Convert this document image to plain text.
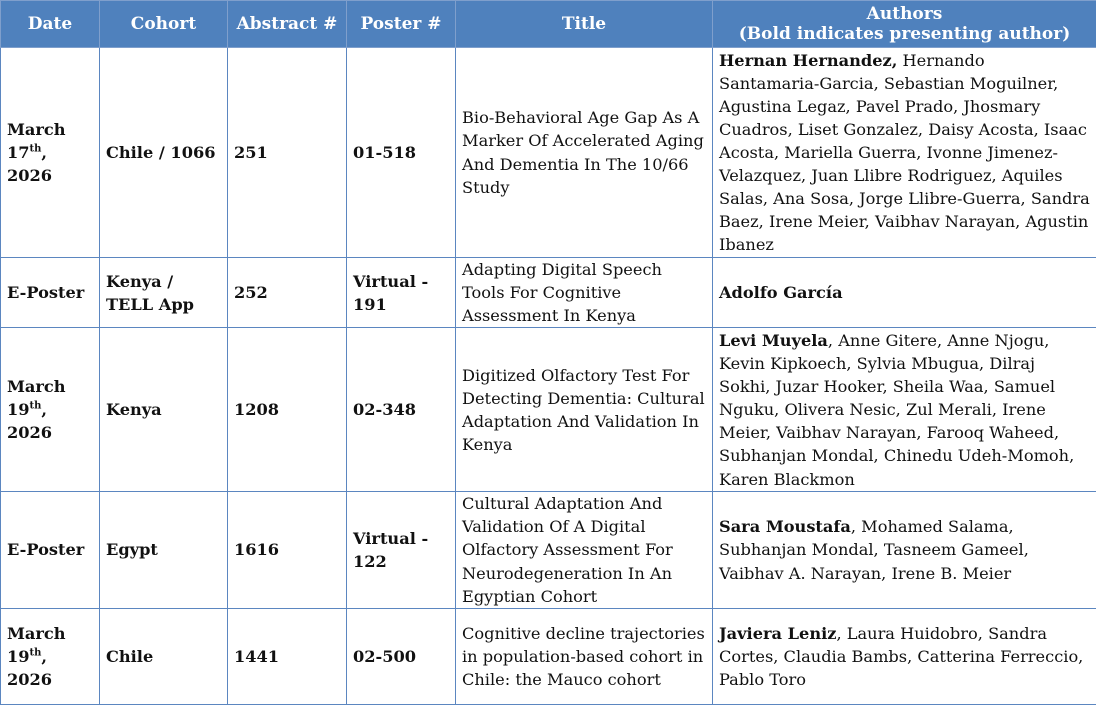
Date	Cohort	Abstract #	Poster #	Title	Authors
(Bold indicates presenting author)

March 17th, 2026	Chile / 1066	251	01-518	Bio-Behavioral Age Gap As A Marker Of Accelerated Aging And Dementia In The 10/66 Study	Hernan Hernandez, Hernando Santamaria-Garcia, Sebastian Moguilner, Agustina Legaz, Pavel Prado, Jhosmary Cuadros, Liset Gonzalez, Daisy Acosta, Isaac Acosta, Mariella Guerra, Ivonne Jimenez-Velazquez, Juan Llibre Rodriguez, Aquiles Salas, Ana Sosa, Jorge Llibre-Guerra, Sandra Baez, Irene Meier, Vaibhav Narayan, Agustin Ibanez
E-Poster	Kenya / TELL App	252	Virtual - 191	Adapting Digital Speech Tools For Cognitive Assessment In Kenya	Adolfo García
March 19th, 2026	Kenya	1208	02-348	Digitized Olfactory Test For Detecting Dementia: Cultural Adaptation And Validation In Kenya	Levi Muyela, Anne Gitere, Anne Njogu, Kevin Kipkoech, Sylvia Mbugua, Dilraj Sokhi, Juzar Hooker, Sheila Waa, Samuel Nguku, Olivera Nesic, Zul Merali, Irene Meier, Vaibhav Narayan, Farooq Waheed, Subhanjan Mondal, Chinedu Udeh-Momoh, Karen Blackmon
E-Poster	Egypt	1616	Virtual - 122	Cultural Adaptation And Validation Of A Digital Olfactory Assessment For Neurodegeneration In An Egyptian Cohort	Sara Moustafa, Mohamed Salama, Subhanjan Mondal, Tasneem Gameel, Vaibhav A. Narayan, Irene B. Meier
March 19th, 2026	Chile	1441	02-500	Cognitive decline trajectories in population-based cohort in Chile: the Mauco cohort	Javiera Leniz, Laura Huidobro, Sandra Cortes, Claudia Bambs, Catterina Ferreccio, Pablo Toro
